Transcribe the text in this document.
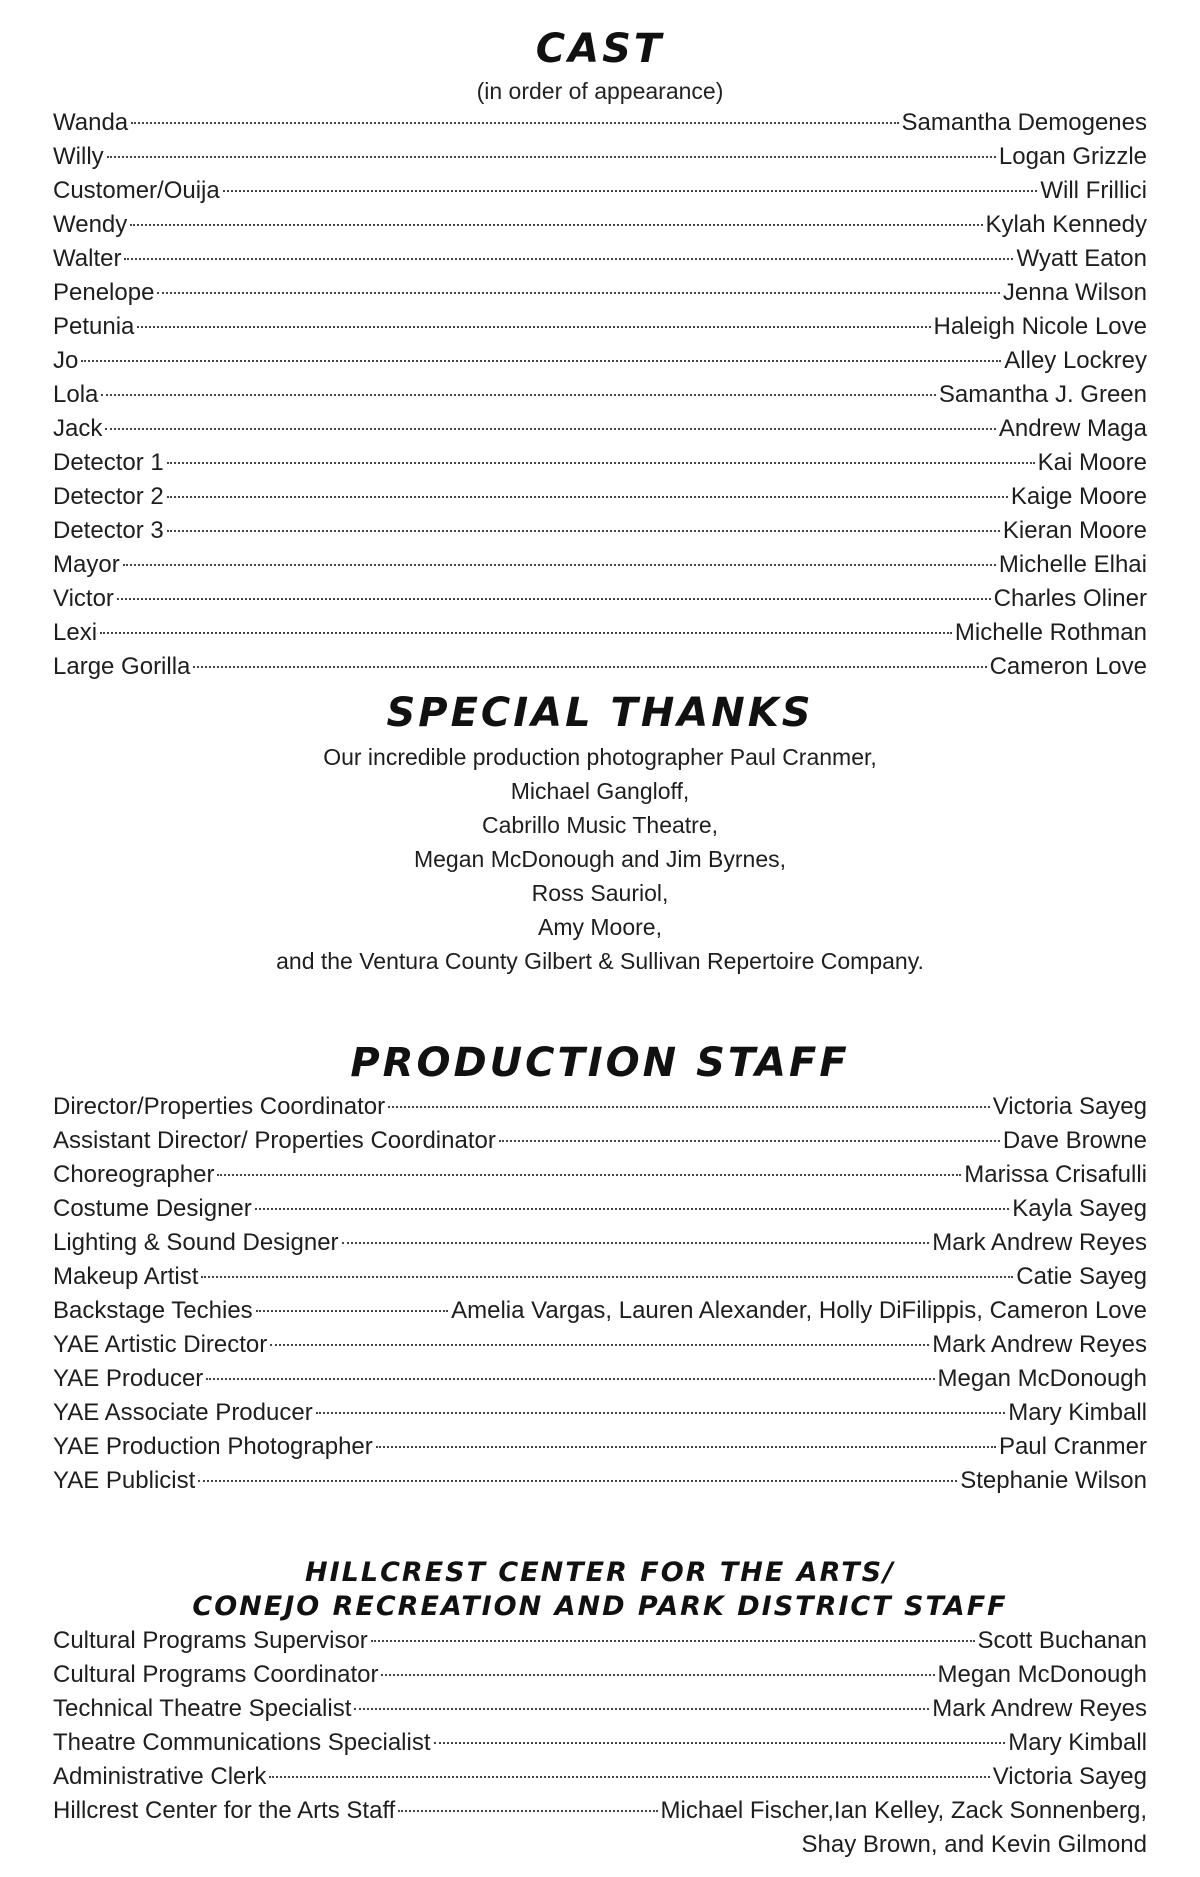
CAST
(in order of appearance)
Wanda	Samantha Demogenes
Willy	Logan Grizzle
Customer/Ouija	Will Frillici
Wendy	Kylah Kennedy
Walter	Wyatt Eaton
Penelope	Jenna Wilson
Petunia	Haleigh Nicole Love
Jo	Alley Lockrey
Lola	Samantha J. Green
Jack	Andrew Maga
Detector 1	Kai Moore
Detector 2	Kaige Moore
Detector 3	Kieran Moore
Mayor	Michelle Elhai
Victor	Charles Oliner
Lexi	Michelle Rothman
Large Gorilla	Cameron Love
SPECIAL THANKS
Our incredible production photographer Paul Cranmer,
Michael Gangloff,
Cabrillo Music Theatre,
Megan McDonough and Jim Byrnes,
Ross Sauriol,
Amy Moore,
and the Ventura County Gilbert & Sullivan Repertoire Company.
PRODUCTION STAFF
Director/Properties Coordinator	Victoria Sayeg
Assistant Director/ Properties Coordinator	Dave Browne
Choreographer	Marissa Crisafulli
Costume Designer	Kayla Sayeg
Lighting & Sound Designer	Mark Andrew Reyes
Makeup Artist	Catie Sayeg
Backstage Techies	Amelia Vargas, Lauren Alexander, Holly DiFilippis, Cameron Love
YAE Artistic Director	Mark Andrew Reyes
YAE Producer	Megan McDonough
YAE Associate Producer	Mary Kimball
YAE Production Photographer	Paul Cranmer
YAE Publicist	Stephanie Wilson
HILLCREST CENTER FOR THE ARTS/
CONEJO RECREATION AND PARK DISTRICT STAFF
Cultural Programs Supervisor	Scott Buchanan
Cultural Programs Coordinator	Megan McDonough
Technical Theatre Specialist	Mark Andrew Reyes
Theatre Communications Specialist	Mary Kimball
Administrative Clerk	Victoria Sayeg
Hillcrest Center for the Arts Staff	Michael Fischer,Ian Kelley, Zack Sonnenberg,
Shay Brown, and Kevin Gilmond
